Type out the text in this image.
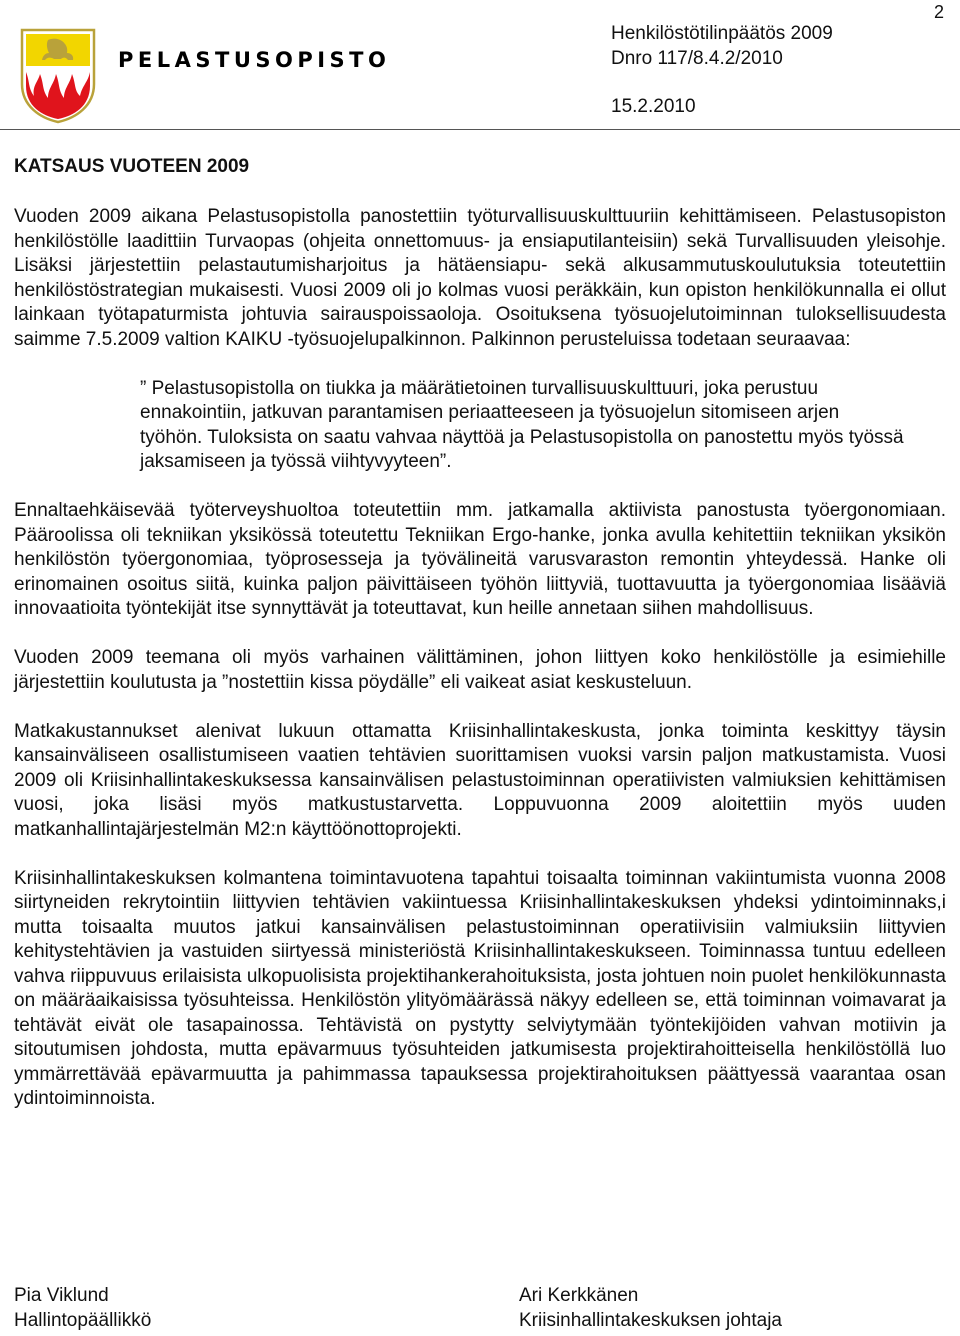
2
PELASTUSOPISTO
Henkilöstötilinpäätös 2009
Dnro 117/8.4.2/2010
15.2.2010
KATSAUS VUOTEEN 2009

Vuoden 2009 aikana Pelastusopistolla panostettiin työturvallisuuskulttuuriin kehittämiseen. Pelastusopiston henkilöstölle laadittiin Turvaopas (ohjeita onnettomuus- ja ensiaputilanteisiin) sekä Turvallisuuden yleisohje. Lisäksi järjestettiin pelastautumisharjoitus ja hätäensiapu- sekä alkusammutuskoulutuksia toteutettiin henkilöstöstrategian mukaisesti. Vuosi 2009 oli jo kolmas vuosi peräkkäin, kun opiston henkilökunnalla ei ollut lainkaan työtapaturmista johtuvia sairauspoissaoloja. Osoituksena työsuojelutoiminnan tuloksellisuudesta saimme 7.5.2009 valtion KAIKU -työsuojelupalkinnon. Palkinnon perusteluissa todetaan seuraavaa:

” Pelastusopistolla on tiukka ja määrätietoinen turvallisuuskulttuuri, joka perustuu ennakointiin, jatkuvan parantamisen periaatteeseen ja työsuojelun sitomiseen arjen työhön. Tuloksista on saatu vahvaa näyttöä ja Pelastusopistolla on panostettu myös työssä jaksamiseen ja työssä viihtyvyyteen”.

Ennaltaehkäisevää työterveyshuoltoa toteutettiin mm. jatkamalla aktiivista panostusta työergonomiaan. Pääroolissa oli tekniikan yksikössä toteutettu Tekniikan Ergo-hanke, jonka avulla kehitettiin tekniikan yksikön henkilöstön työergonomiaa, työprosesseja ja työvälineitä varusvaraston remontin yhteydessä. Hanke oli erinomainen osoitus siitä, kuinka paljon päivittäiseen työhön liittyviä, tuottavuutta ja työergonomiaa lisääviä innovaatioita työntekijät itse synnyttävät ja toteuttavat, kun heille annetaan siihen mahdollisuus.

Vuoden 2009 teemana oli myös varhainen välittäminen, johon liittyen koko henkilöstölle ja esimiehille järjestettiin koulutusta ja ”nostettiin kissa pöydälle” eli vaikeat asiat keskusteluun.

Matkakustannukset alenivat lukuun ottamatta Kriisinhallintakeskusta, jonka toiminta keskittyy täysin kansainväliseen osallistumiseen vaatien tehtävien suorittamisen vuoksi varsin paljon matkustamista. Vuosi 2009 oli Kriisinhallintakeskuksessa kansainvälisen pelastustoiminnan operatiivisten valmiuksien kehittämisen vuosi, joka lisäsi myös matkustustarvetta. Loppuvuonna 2009 aloitettiin myös uuden matkanhallintajärjestelmän M2:n käyttöönottoprojekti.

Kriisinhallintakeskuksen kolmantena toimintavuotena tapahtui toisaalta toiminnan vakiintumista vuonna 2008 siirtyneiden rekrytointiin liittyvien tehtävien vakiintuessa Kriisinhallintakeskuksen yhdeksi ydintoiminnaks,i mutta toisaalta muutos jatkui kansainvälisen pelastustoiminnan operatiivisiin valmiuksiin liittyvien kehitystehtävien ja vastuiden siirtyessä ministeriöstä Kriisinhallintakeskukseen. Toiminnassa tuntuu edelleen vahva riippuvuus erilaisista ulkopuolisista projektihankerahoituksista, josta johtuen noin puolet henkilökunnasta on määräaikaisissa työsuhteissa. Henkilöstön ylityömäärässä näkyy edelleen se, että toiminnan voimavarat ja tehtävät eivät ole tasapainossa. Tehtävistä on pystytty selviytymään työntekijöiden vahvan motiivin ja sitoutumisen johdosta, mutta epävarmuus työsuhteiden jatkumisesta projektirahoitteisella henkilöstöllä luo ymmärrettävää epävarmuutta ja pahimmassa tapauksessa projektirahoituksen päättyessä vaarantaa osan ydintoiminnoista.

Pia Viklund
Hallintopäällikkö
Ari Kerkkänen
Kriisinhallintakeskuksen johtaja
